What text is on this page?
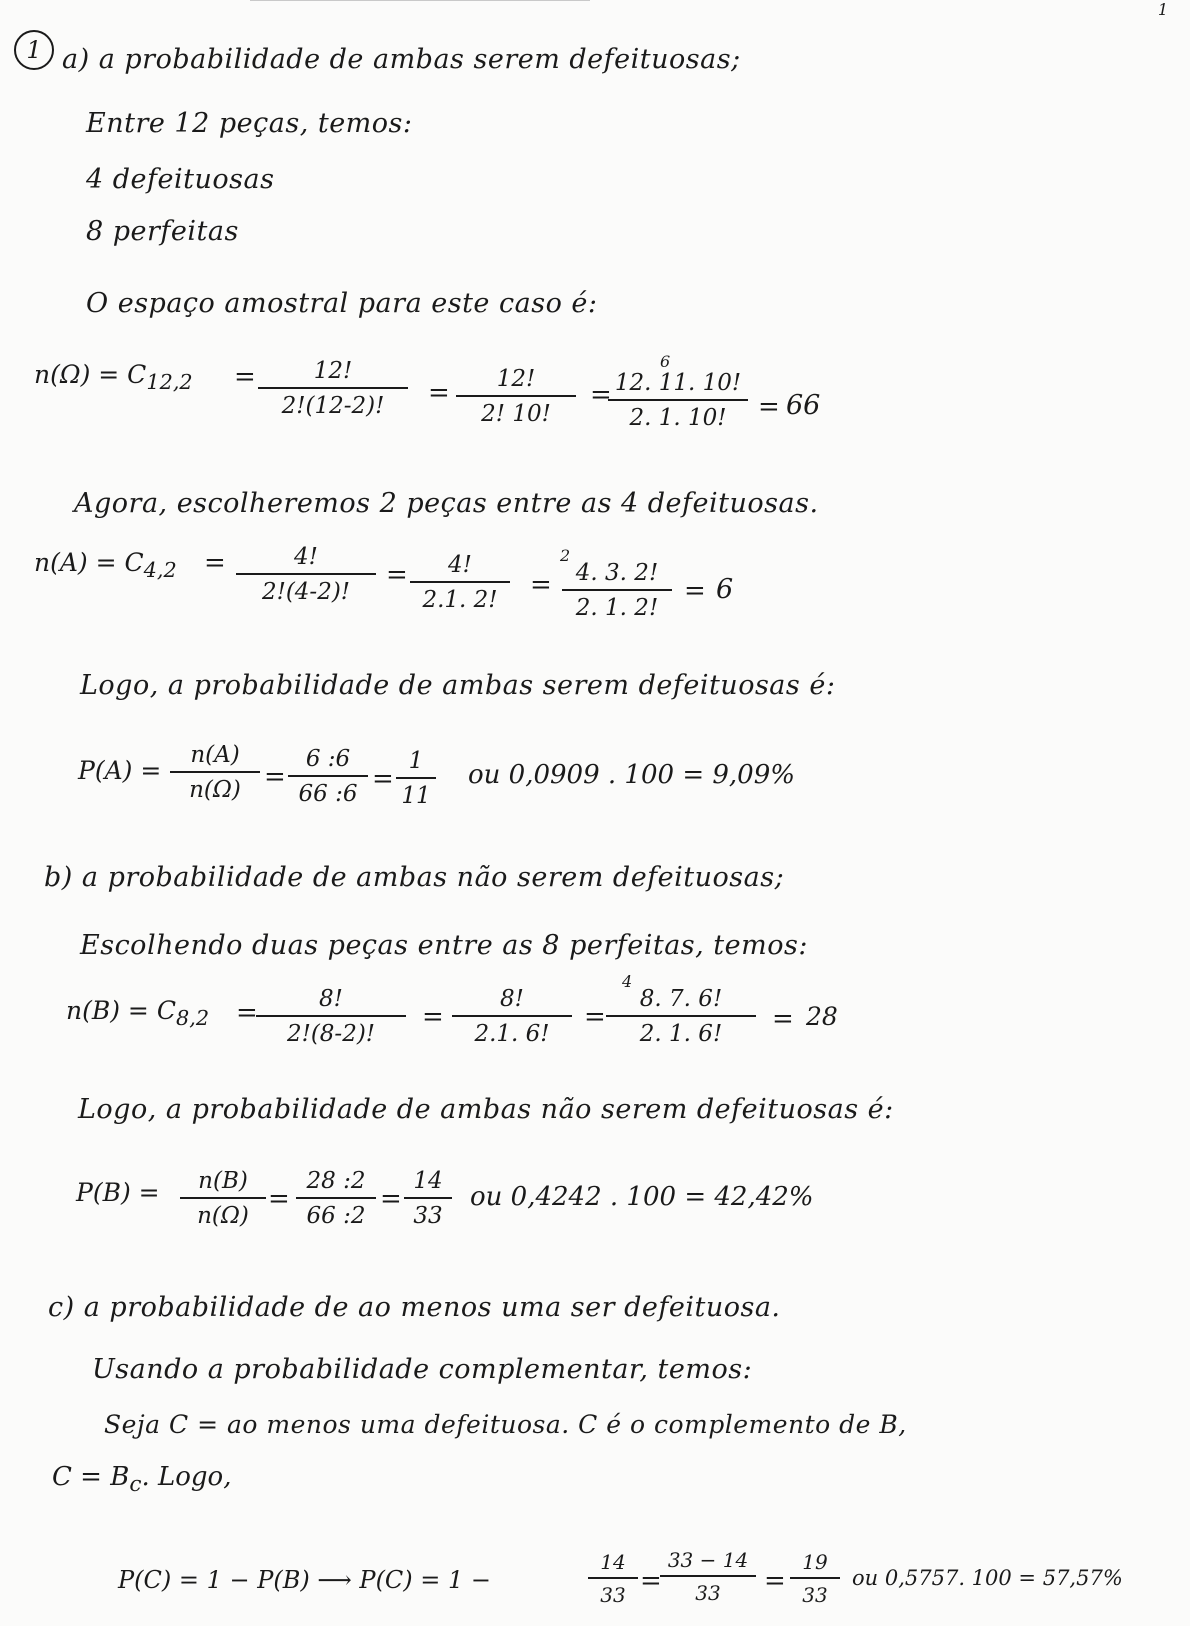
1
1 a) a probabilidade de ambas serem defeituosas;
Entre 12 peças, temos:
4 defeituosas
8 perfeitas
O espaço amostral para este caso é:
$n(\Omega) = C_{12,2} = \frac{12!}{2!(12-2)!} = \frac{12!}{2! 10!}$ =
6
$\frac{12. 11. 10!}{2. 1. 10!} = 66$
Agora, escolheremos 2 peças entre as 4 defeituosas.
$n(A) = C_{4,2} = \frac{4!}{2!(4-2)!} = \frac{4!}{2.1. 2!}$ =
2
$\frac{4. 3. 2!}{2. 1. 2!} = 6$
Logo, a probabilidade de ambas serem defeituosas é:
$P(A) = \frac{n(A)}{n(\Omega)} = \frac{6 :6}{66 :6} = \frac{1}{11}$ ou 0,0909 . 100 = 9,09%
b) a probabilidade de ambas não serem defeituosas;
Escolhendo duas peças entre as 8 perfeitas, temos:
$n(B) = C_{8,2}$ =
$\frac{8!}{2!(8-2)!} = \frac{8!}{2.1. 6!}$ =
4
$\frac{8. 7. 6!}{2. 1. 6!} = 28$
Logo, a probabilidade de ambas não serem defeituosas é:
$P(B) = \frac{n(B)}{n(\Omega)} = \frac{28 :2}{66 :2} = \frac{14}{33}$ ou 0,4242 . 100 = 42,42%
c) a probabilidade de ao menos uma ser defeituosa.
Usando a probabilidade complementar, temos:
Seja C = ao menos uma defeituosa. C é o complemento de B,
$C = B_c$. Logo,
P(C) = 1 − P(B) ⟶ P(C) = 1 −	$\frac{14}{33}$ =
$\frac{33 - 14}{33} = \frac{19}{33}$ ou 0,5757. 100 = 57,57%
